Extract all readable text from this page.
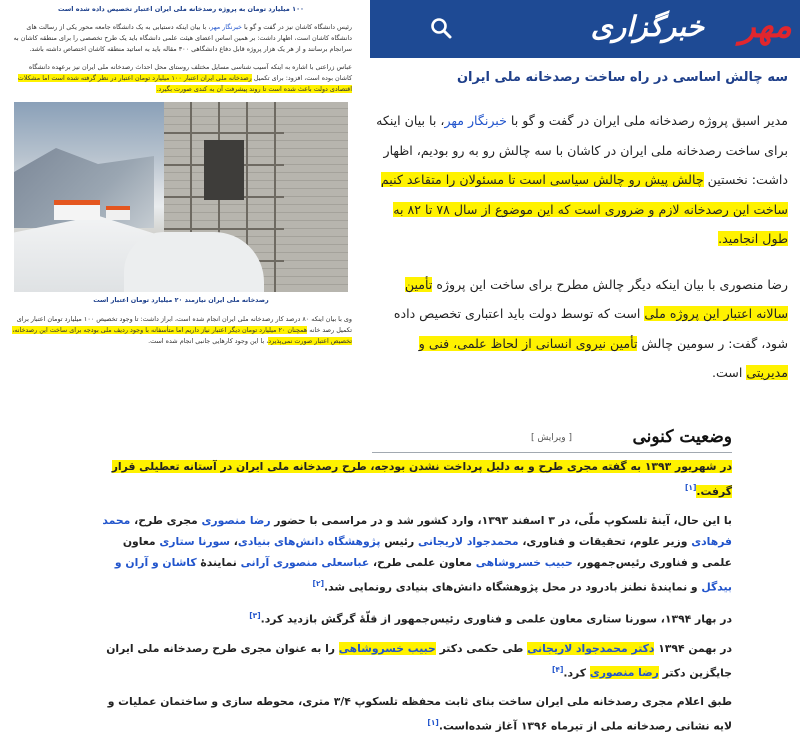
۱۰۰ میلیارد تومان به پروژه رصدخانه ملی ایران اعتبار تخصیص داده شده است

رئیس دانشگاه کاشان نیز در گفت و گو با خبرنگار مهر، با بیان اینکه دستیابی به یک دانشگاه جامعه محور یکی از رسالت های دانشگاه کاشان است، اظهار داشت: بر همین اساس اعضای هیئت علمی دانشگاه باید یک طرح تخصصی را برای منطقه کاشان به سرانجام برسانند و از هر یک هزار پروژه قابل دفاع دانشگاهی ۳۰۰ مقاله باید به اساتید منطقه کاشان اختصاص داشته باشد.

عباس زراعتی با اشاره به اینکه آسیب شناسی مسایل مختلف روستای محل احداث رصدخانه ملی ایران نیز برعهده دانشگاه کاشان بوده است، افزود: برای تکمیل رصدخانه ملی ایران اعتبار ۱۰۰ میلیارد تومان اعتبار در نظر گرفته شده است اما مشکلات اقتصادی دولت باعث شده است تا روند پیشرفت آن به کندی صورت بگیرد.

رصدخانه ملی ایران نیازمند ۲۰ میلیارد تومان اعتبار است

وی با بیان اینکه ۸۰ درصد کار رصدخانه ملی ایران انجام شده است، ابراز داشت: تا وجود تخصیص ۱۰۰ میلیارد تومان اعتبار برای تکمیل رصد خانه همچنان ۲۰ میلیارد تومان دیگر اعتبار نیاز داریم اما متأسفانه با وجود ردیف ملی بودجه برای ساخت این رصدخانه، تخصیص اعتبار صورت نمی‌پذیرد، با این وجود کارهایی جانبی انجام شده است.

مهر
خبرگزاری
سه چالش اساسی در راه ساخت رصدخانه ملی ایران

مدیر اسبق پروژه رصدخانه ملی ایران در گفت و گو با خبرنگار مهر، با بیان اینکه برای ساخت رصدخانه ملی ایران در کاشان با سه چالش رو به رو بودیم، اظهار داشت: نخستین چالش پیش رو چالش سیاسی است تا مسئولان را متقاعد کنیم ساخت این رصدخانه لازم و ضروری است که این موضوع از سال ۷۸ تا ۸۲ به طول انجامید.

رضا منصوری با بیان اینکه دیگر چالش مطرح برای ساخت این پروژه تأمین سالانه اعتبار این پروژه ملی است که توسط دولت باید اعتباری تخصیص داده شود، گفت: ر سومین چالش تأمین نیروی انسانی از لحاظ علمی، فنی و مدیریتی است.

وضعیت کنونی
[ ویرایش ]

در شهریور ۱۳۹۳ به گفته مجری طرح و به دلیل پرداخت نشدن بودجه، طرح رصدخانه ملی ایران در آستانه تعطیلی قرار گرفت.[۱]

با این حال، آینهٔ تلسکوپ ملّی، در ۳ اسفند ۱۳۹۳، وارد کشور شد و در مراسمی با حضور رضا منصوری مجری طرح، محمد فرهادی وزیر علوم، تحقیقات و فناوری، محمدجواد لاریجانی رئیس پژوهشگاه دانش‌های بنیادی، سورنا ستاری معاون علمی و فناوری رئیس‌جمهور، حبیب خسروشاهی معاون علمی طرح، عباسعلی منصوری آرانی نمایندهٔ کاشان و آران و بیدگل و نمایندهٔ نطنز بادرود در محل پژوهشگاه دانش‌های بنیادی رونمایی شد.[۲]

در بهار ۱۳۹۴، سورنا ستاری معاون علمی و فناوری رئیس‌جمهور از قلّهٔ گرگش بازدید کرد.[۳]

در بهمن ۱۳۹۴ دکتر محمدجواد لاریجانی طی حکمی دکتر حبیب خسروشاهی را به عنوان مجری طرح رصدخانه ملی ایران جایگزین دکتر رضا منصوری کرد.[۴]

طبق اعلام مجری رصدخانه ملی ایران ساخت بنای ثابت محفظه تلسکوپ ۳/۴ متری، محوطه سازی و ساختمان عملیات و لایه نشانی رصدخانه ملی از تیرماه ۱۳۹۶ آغاز شده‌است.[۱]
